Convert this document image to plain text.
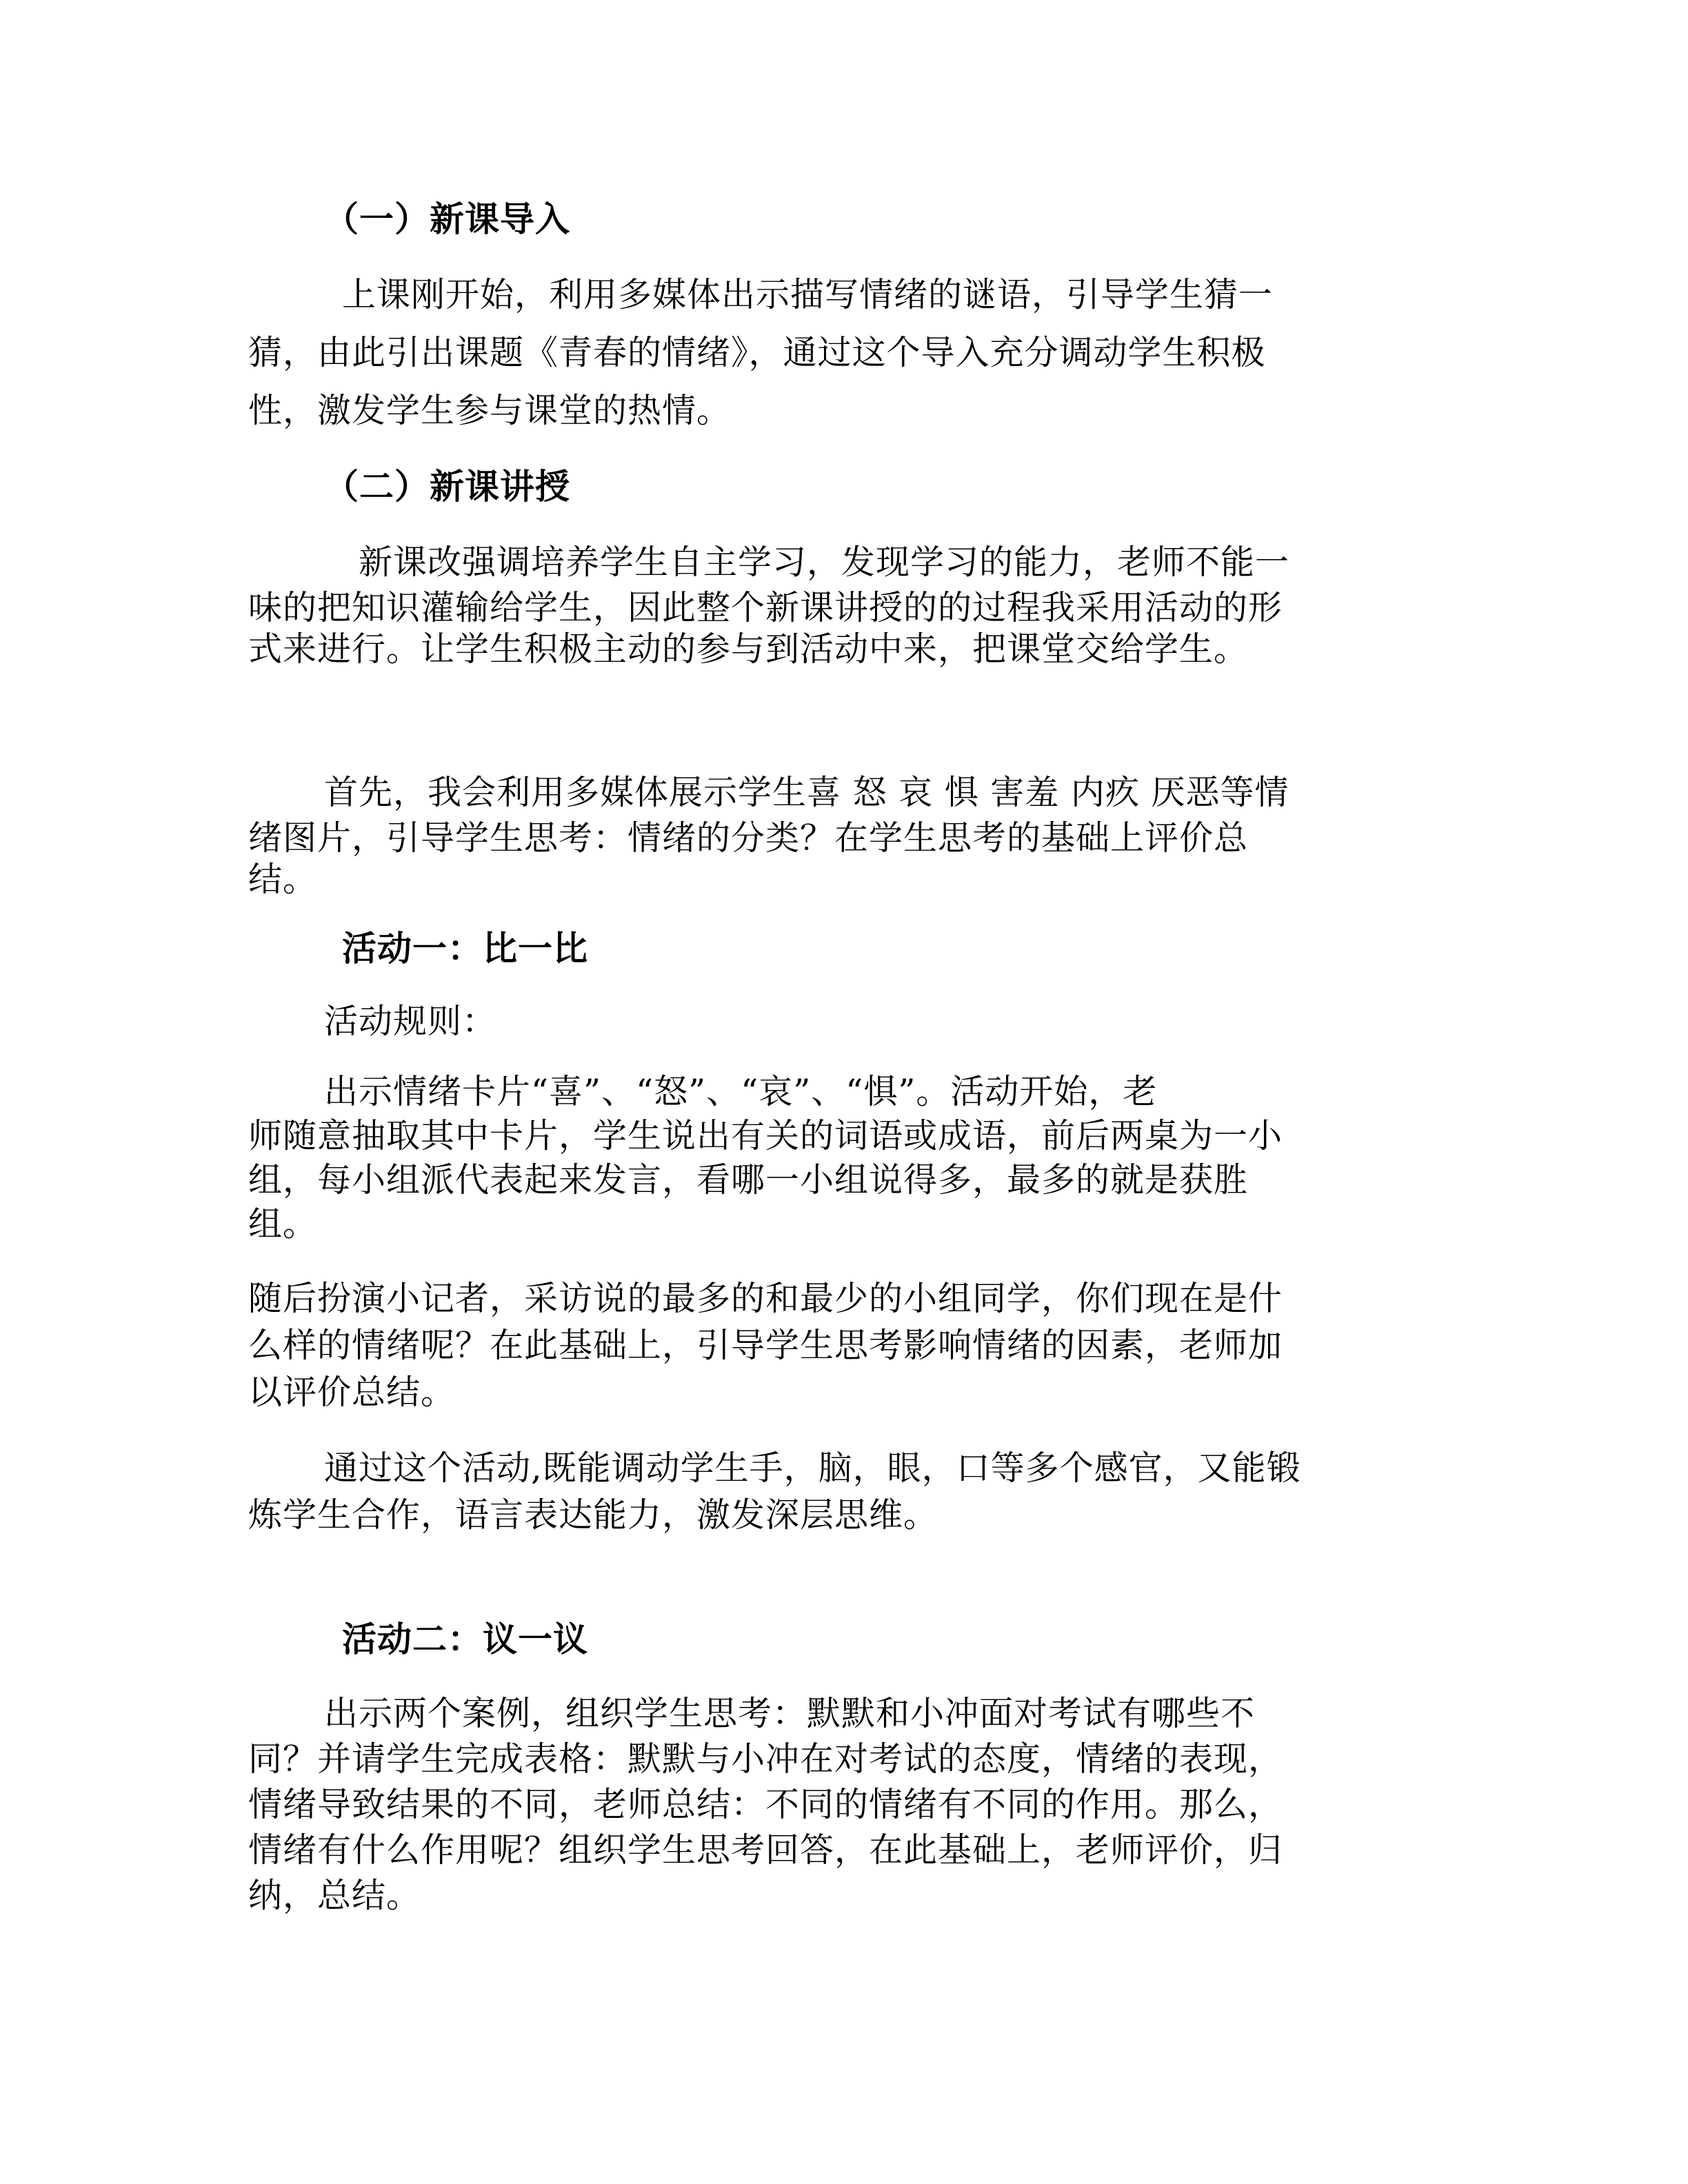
（一）新课导入

上课刚开始，利用多媒体出示描写情绪的谜语，引导学生猜一

猜，由此引出课题《青春的情绪》，通过这个导入充分调动学生积极

性，激发学生参与课堂的热情。

（二）新课讲授

新课改强调培养学生自主学习，发现学习的能力，老师不能一

味的把知识灌输给学生，因此整个新课讲授的的过程我采用活动的形

式来进行。让学生积极主动的参与到活动中来，把课堂交给学生。

首先，我会利用多媒体展示学生喜 怒 哀 惧 害羞 内疚 厌恶等情

绪图片，引导学生思考：情绪的分类？在学生思考的基础上评价总

结。

活动一：比一比

活动规则：

出示情绪卡片“喜”、“怒”、“哀”、“惧”。活动开始，老

师随意抽取其中卡片，学生说出有关的词语或成语，前后两桌为一小

组，每小组派代表起来发言，看哪一小组说得多，最多的就是获胜

组。

随后扮演小记者，采访说的最多的和最少的小组同学，你们现在是什

么样的情绪呢？在此基础上，引导学生思考影响情绪的因素，老师加

以评价总结。

通过这个活动,既能调动学生手，脑，眼，口等多个感官，又能锻

炼学生合作，语言表达能力，激发深层思维。

活动二：议一议

出示两个案例，组织学生思考：默默和小冲面对考试有哪些不

同？并请学生完成表格：默默与小冲在对考试的态度，情绪的表现，

情绪导致结果的不同，老师总结：不同的情绪有不同的作用。那么，

情绪有什么作用呢？组织学生思考回答，在此基础上，老师评价，归

纳，总结。
